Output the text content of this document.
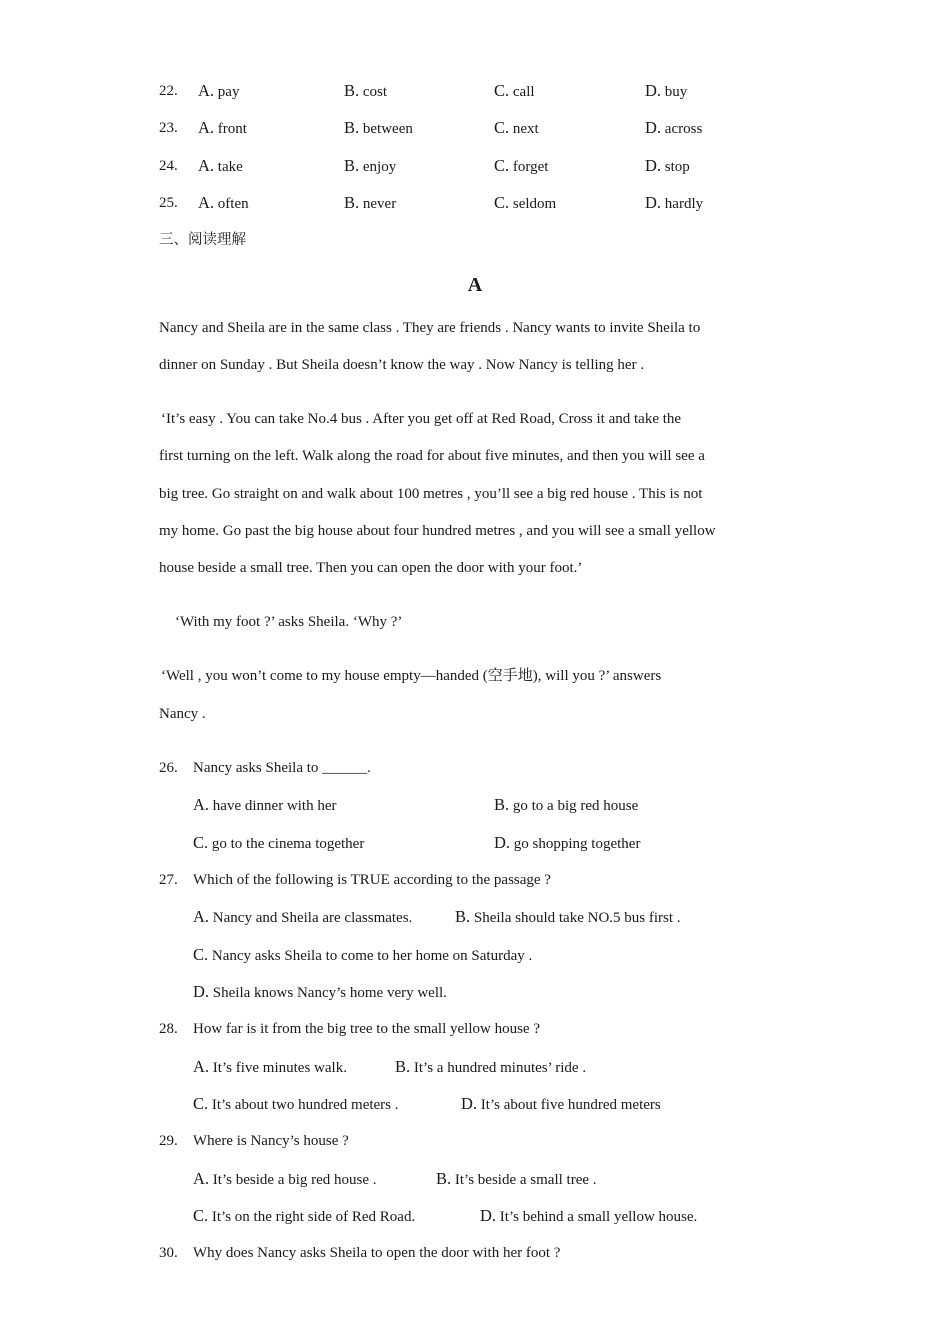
22. A. pay	B. cost	C. call	D. buy
23. A. front	B. between	C. next	D. across
24. A. take	B. enjoy	C. forget	D. stop
25. A. often	B. never	C. seldom	D. hardly
三、阅读理解
A
Nancy and Sheila are in the same class . They are friends . Nancy wants to invite Sheila to
dinner on Sunday . But Sheila doesn’t know the way . Now Nancy is telling her .
‘It’s easy . You can take No.4 bus . After you get off at Red Road, Cross it and take the
first turning on the left. Walk along the road for about five minutes, and then you will see a
big tree. Go straight on and walk about 100 metres , you’ll see a big red house . This is not
my home. Go past the big house about four hundred metres , and you will see a small yellow
house beside a small tree. Then you can open the door with your foot.’
‘With my foot ?’ asks Sheila. ‘Why ?’
‘Well , you won’t come to my house empty—handed (空手地), will you ?’ answers
Nancy .
26. Nancy asks Sheila to ______.
A. have dinner with her	B. go to a big red house
C. go to the cinema together	D. go shopping together
27. Which of the following is TRUE according to the passage ?
A. Nancy and Sheila are classmates.	B. Sheila should take NO.5 bus first .
C. Nancy asks Sheila to come to her home on Saturday .
D. Sheila knows Nancy’s home very well.
28. How far is it from the big tree to the small yellow house ?
A. It’s five minutes walk.	B. It’s a hundred minutes’ ride .
C. It’s about two hundred meters .	D. It’s about five hundred meters
29. Where is Nancy’s house ?
A. It’s beside a big red house .	B. It’s beside a small tree .
C. It’s on the right side of Red Road.	D. It’s behind a small yellow house.
30. Why does Nancy asks Sheila to open the door with her foot ?
